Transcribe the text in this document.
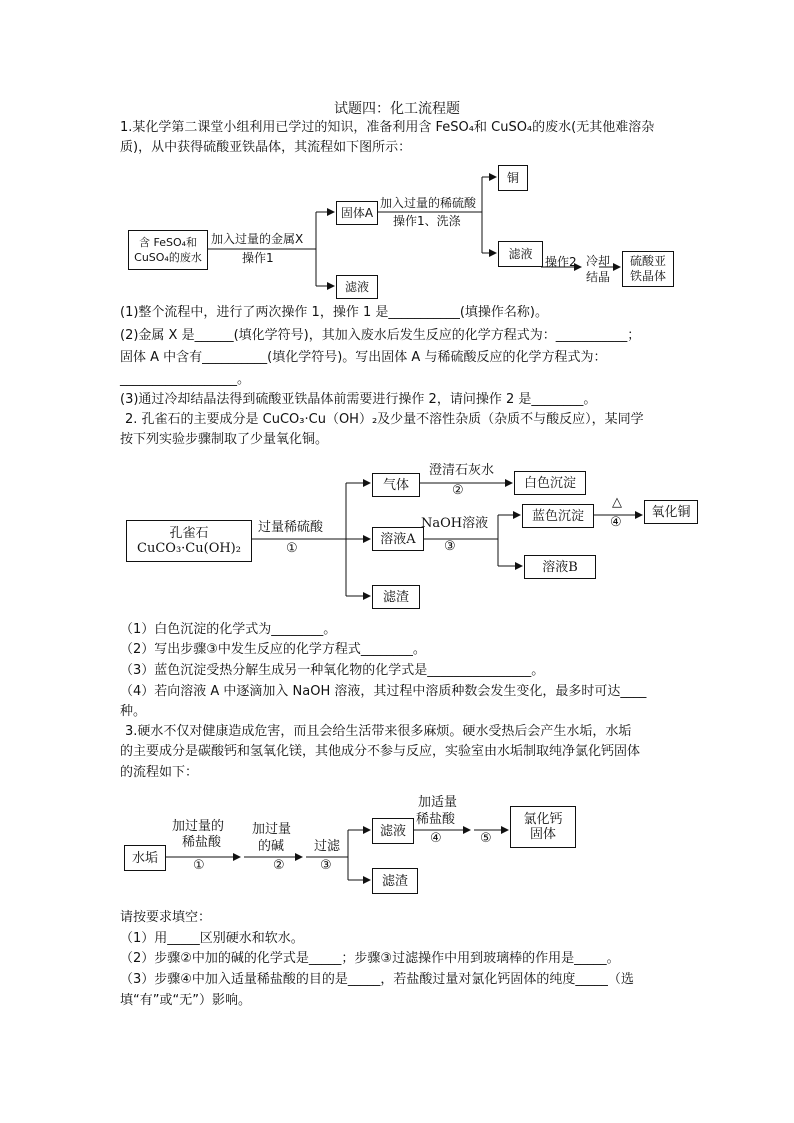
试题四：化工流程题
1.某化学第二课堂小组利用已学过的知识，准备利用含 FeSO₄和 CuSO₄的废水(无其他难溶杂
质)，从中获得硫酸亚铁晶体，其流程如下图所示：
含 FeSO₄和 CuSO₄的废水
加入过量的金属X
操作1
固体A
滤液
加入过量的稀硫酸
操作1、洗涤
铜
滤液
操作2 冷却
结晶
硫酸亚铁晶体
(1)整个流程中，进行了两次操作 1，操作 1 是___________(填操作名称)。
(2)金属 X 是______(填化学符号)，其加入废水后发生反应的化学方程式为：___________；
固体 A 中含有__________(填化学符号)。写出固体 A 与稀硫酸反应的化学方程式为：
__________________。
(3)通过冷却结晶法得到硫酸亚铁晶体前需要进行操作 2，请问操作 2 是________。
2. 孔雀石的主要成分是 CuCO₃·Cu（OH）₂及少量不溶性杂质（杂质不与酸反应），某同学
按下列实验步骤制取了少量氧化铜。
孔雀石
CuCO₃·Cu(OH)₂
过量稀硫酸
①
气体
澄清石灰水
②	白色沉淀
溶液A
NaOH溶液
③
蓝色沉淀
△
④
氧化铜
溶液B
滤渣
（1）白色沉淀的化学式为________。
（2）写出步骤③中发生反应的化学方程式________。
（3）蓝色沉淀受热分解生成另一种氧化物的化学式是________________。
（4）若向溶液 A 中逐滴加入 NaOH 溶液，其过程中溶质种数会发生变化，最多时可达____
种。
3.硬水不仅对健康造成危害，而且会给生活带来很多麻烦。硬水受热后会产生水垢，水垢
的主要成分是碳酸钙和氢氧化镁，其他成分不参与反应，实验室由水垢制取纯净氯化钙固体
的流程如下：
水垢
加过量的
稀盐酸
①
加过量
的碱
②
过滤
③
滤液
滤渣
加适量
稀盐酸
④	⑤
氯化钙
固体
请按要求填空：
（1）用_____区别硬水和软水。
（2）步骤②中加的碱的化学式是_____；步骤③过滤操作中用到玻璃棒的作用是_____。
（3）步骤④中加入适量稀盐酸的目的是_____，若盐酸过量对氯化钙固体的纯度_____（选
填“有”或“无”）影响。
